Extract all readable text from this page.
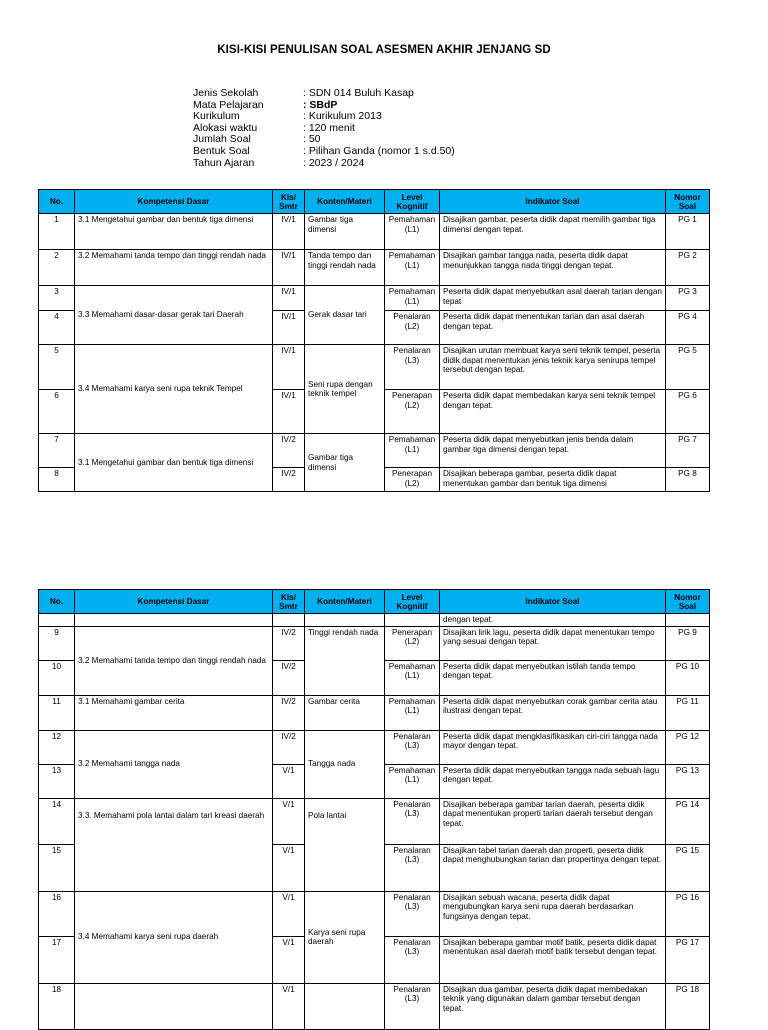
KISI-KISI PENULISAN SOAL ASESMEN AKHIR JENJANG SD
Jenis Sekolah	: SDN 014 Buluh Kasap
Mata Pelajaran	: SBdP
Kurikulum	: Kurikulum 2013
Alokasi waktu	: 120 menit
Jumlah Soal	: 50
Bentuk Soal	: Pilihan Ganda (nomor 1 s.d.50)
Tahun Ajaran	: 2023 / 2024
No.	Kompetensi Dasar	Kls/ Smtr	Konten/Materi	Level Kognitif	Indikator Soal	Nomor Soal
1	3.1 Mengetahui gambar dan bentuk tiga dimensi	IV/1	Gambar tiga dimensi	Pemahaman (L1)	Disajikan gambar, peserta didik dapat memilih gambar tiga dimensi dengan tepat.	PG 1
2	3.2 Memahami tanda tempo dan tinggi rendah nada	IV/1	Tanda tempo dan tinggi rendah nada	Pemahaman (L1)	Disajikan gambar tangga nada, peserta didik dapat menunjukkan tangga nada tinggi dengan tepat.	PG 2
3	3.3 Memahami dasar-dasar gerak tari Daerah	IV/1	Gerak dasar tari	Pemahaman (L1)	Peserta didik dapat menyebutkan asal daerah tarian dengan tepat	PG 3
4		IV/1		Penalaran (L2)	Peserta didik dapat menentukan tarian dan asal daerah dengan tepat.	PG 4
5	3.4 Memahami karya seni rupa teknik Tempel	IV/1	Seni rupa dengan teknik tempel	Penalaran (L3)	Disajikan urutan membuat karya seni teknik tempel, peserta didik dapat menentukan jenis teknik karya senirupa tempel tersebut dengan tepat.	PG 5
6		IV/1		Penerapan (L2)	Peserta didik dapat membedakan karya seni teknik tempel dengan tepat.	PG 6
7	3.1 Mengetahui gambar dan bentuk tiga dimensi	IV/2	Gambar tiga dimensi	Pemahaman (L1)	Peserta didik dapat menyebutkan jenis benda dalam gambar tiga dimensi dengan tepat.	PG 7
8		IV/2		Penerapan (L2)	Disajikan beberapa gambar, peserta didik dapat menentukan gambar dan bentuk tiga dimensi	PG 8
No.	Kompetensi Dasar	Kls/ Smtr	Konten/Materi	Level Kognitif	Indikator Soal	Nomor Soal
					dengan tepat.	
9	3.2 Memahami tanda tempo dan tinggi rendah nada	IV/2	Tinggi rendah nada	Penerapan (L2)	Disajikan lirik lagu, peserta didik dapat menentukan tempo yang sesuai dengan tepat.	PG 9
10		IV/2		Pemahaman (L1)	Peserta didik dapat menyebutkan istilah tanda tempo dengan tepat.	PG 10
11	3.1 Memahami gambar cerita	IV/2	Gambar cerita	Pemahaman (L1)	Peserta didik dapat menyebutkan corak gambar cerita atau ilustrasi dengan tepat.	PG 11
12	3.2 Memahami tangga nada	IV/2	Tangga nada	Penalaran (L3)	Peserta didik dapat mengklasifikasikan ciri-ciri tangga nada mayor dengan tepat.	PG 12
13		V/1		Pemahaman (L1)	Peserta didik dapat menyebutkan tangga nada sebuah lagu dengan tepat.	PG 13
14	3.3. Memahami pola lantai dalam tari kreasi daerah	V/1	Pola lantai	Penalaran (L3)	Disajikan beberapa gambar tarian daerah, peserta didik dapat menentukan properti tarian daerah tersebut dengan tepat.	PG 14
15		V/1		Penalaran (L3)	Disajikan tabel tarian daerah dan properti, peserta didik dapat menghubungkan tarian dan propertinya dengan tepat.	PG 15
16	3.4 Memahami karya seni rupa daerah	V/1	Karya seni rupa daerah	Penalaran (L3)	Disajikan sebuah wacana, peserta didik dapat mengubungkan karya seni rupa daerah berdasarkan fungsinya dengan tepat.	PG 16
17		V/1		Penalaran (L3)	Disajikan beberapa gambar motif batik, peserta didik dapat menentukan asal daerah motif batik tersebut dengan tepat.	PG 17
18		V/1		Penalaran (L3)	Disajikan dua gambar, peserta didik dapat membedakan teknik yang digunakan dalam gambar tersebut dengan tepat.	PG 18
